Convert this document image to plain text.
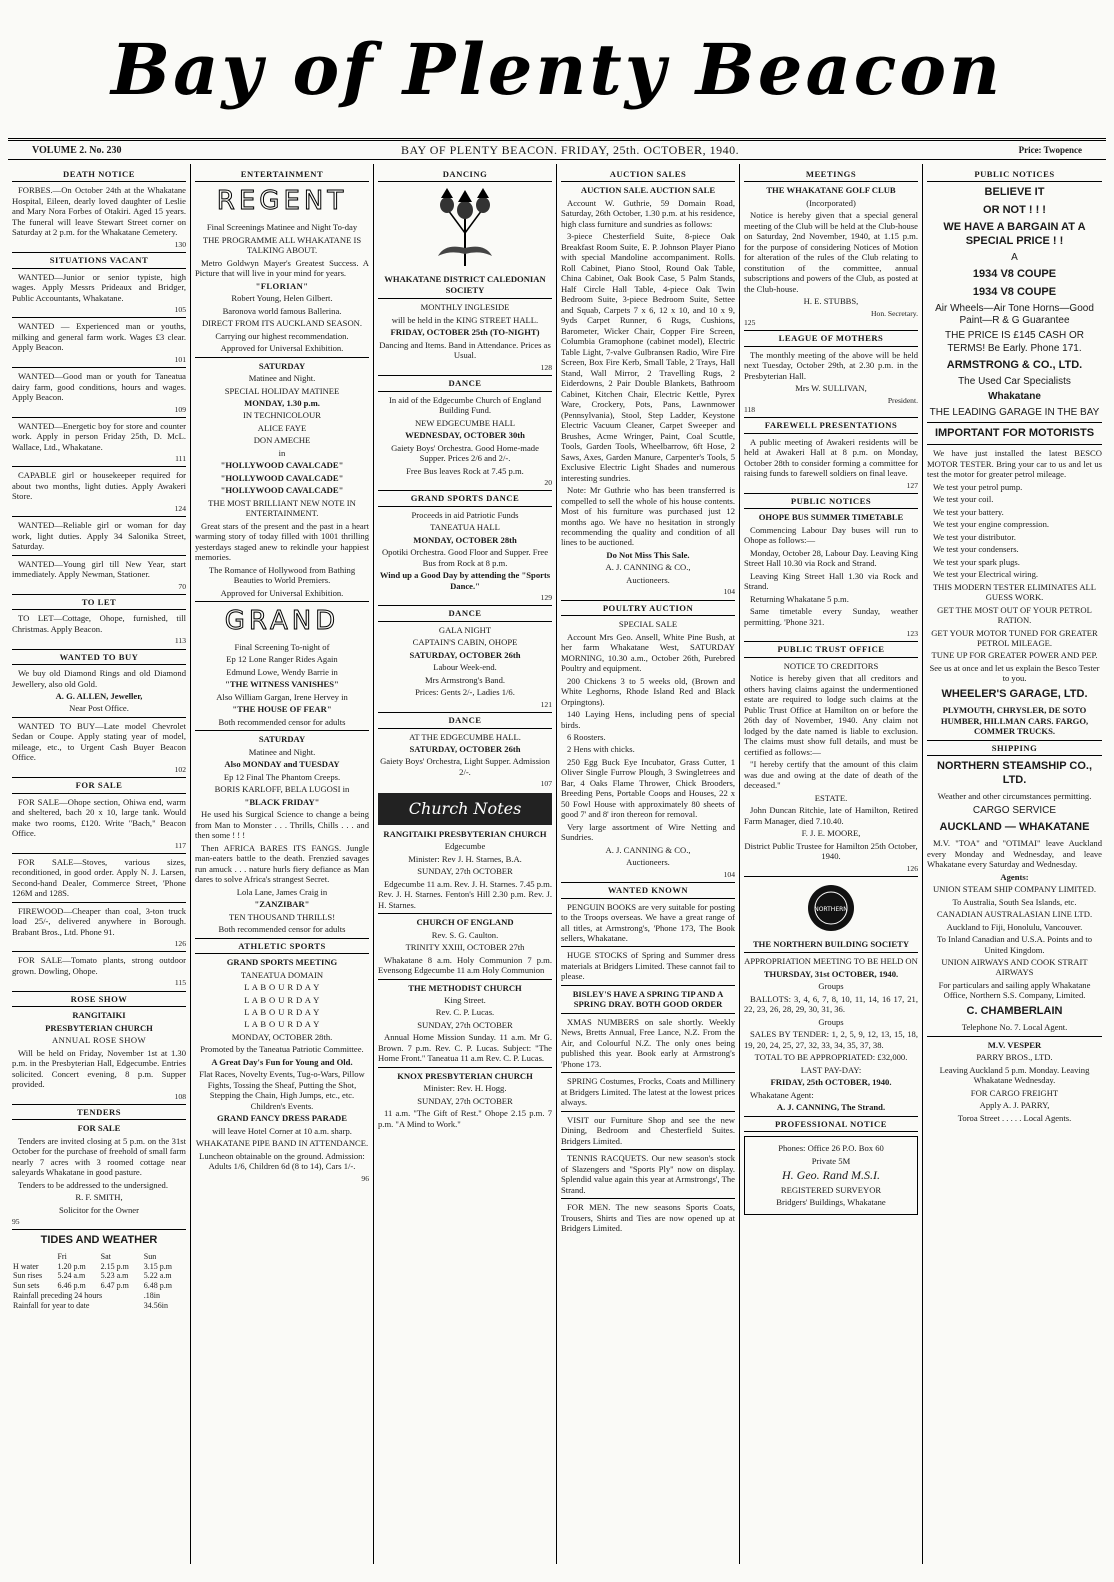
Bay of Plenty Beacon
VOLUME 2. No. 230	BAY OF PLENTY BEACON. FRIDAY, 25th. OCTOBER, 1940.	Price: Twopence
DEATH NOTICE

FORBES.—On October 24th at the Whakatane Hospital, Eileen, dearly loved daughter of Leslie and Mary Nora Forbes of Otakiri. Aged 15 years. The funeral will leave Stewart Street corner on Saturday at 2 p.m. for the Whakatane Cemetery.

130

SITUATIONS VACANT

WANTED—Junior or senior typiste, high wages. Apply Messrs Prideaux and Bridger, Public Accountants, Whakatane.

105

WANTED — Experienced man or youths, milking and general farm work. Wages £3 clear. Apply Beacon.

101

WANTED—Good man or youth for Taneatua dairy farm, good conditions, hours and wages. Apply Beacon.

109

WANTED—Energetic boy for store and counter work. Apply in person Friday 25th, D. McL. Wallace, Ltd., Whakatane.

111

CAPABLE girl or housekeeper required for about two months, light duties. Apply Awakeri Store.

124

WANTED—Reliable girl or woman for day work, light duties. Apply 34 Salonika Street, Saturday.

WANTED—Young girl till New Year, start immediately. Apply Newman, Stationer.

70

TO LET

TO LET—Cottage, Ohope, furnished, till Christmas. Apply Beacon.

113

WANTED TO BUY

We buy old Diamond Rings and old Diamond Jewellery, also old Gold.

A. G. ALLEN, Jeweller,

Near Post Office.

WANTED TO BUY—Late model Chevrolet Sedan or Coupe. Apply stating year of model, mileage, etc., to Urgent Cash Buyer Beacon Office.

102

FOR SALE

FOR SALE—Ohope section, Ohiwa end, warm and sheltered, bach 20 x 10, large tank. Would make two rooms, £120. Write "Bach," Beacon Office.

117

FOR SALE—Stoves, various sizes, reconditioned, in good order. Apply N. J. Larsen, Second-hand Dealer, Commerce Street, 'Phone 126M and 128S.

FIREWOOD—Cheaper than coal, 3-ton truck load 25/-, delivered anywhere in Borough. Brabant Bros., Ltd. Phone 91.

126

FOR SALE—Tomato plants, strong outdoor grown. Dowling, Ohope.

115

ROSE SHOW

RANGITAIKI

PRESBYTERIAN CHURCH

ANNUAL ROSE SHOW

Will be held on Friday, November 1st at 1.30 p.m. in the Presbyterian Hall, Edgecumbe. Entries solicited. Concert evening, 8 p.m. Supper provided.

108

TENDERS

FOR SALE

Tenders are invited closing at 5 p.m. on the 31st October for the purchase of freehold of small farm nearly 7 acres with 3 roomed cottage near saleyards Whakatane in good pasture.

Tenders to be addressed to the undersigned.

R. F. SMITH,

Solicitor for the Owner

95

TIDES AND WEATHER
	Fri	Sat	Sun
H water	1.20 p.m	2.15 p.m	3.15 p.m
Sun rises	5.24 a.m	5.23 a.m	5.22 a.m
Sun sets	6.46 p.m	6.47 p.m	6.48 p.m
Rainfall preceding 24 hours			.18in
Rainfall for year to date			34.56in
ENTERTAINMENT
REGENT

Final Screenings Matinee and Night To-day

THE PROGRAMME ALL WHAKATANE IS TALKING ABOUT.

Metro Goldwyn Mayer's Greatest Success. A Picture that will live in your mind for years.

"FLORIAN"

Robert Young, Helen Gilbert.

Baronova world famous Ballerina.

DIRECT FROM ITS AUCKLAND SEASON.

Carrying our highest recommendation.

Approved for Universal Exhibition.

SATURDAY

Matinee and Night.

SPECIAL HOLIDAY MATINEE

MONDAY, 1.30 p.m.

IN TECHNICOLOUR

ALICE FAYE

DON AMECHE

in

"HOLLYWOOD CAVALCADE"

"HOLLYWOOD CAVALCADE"

"HOLLYWOOD CAVALCADE"

THE MOST BRILLIANT NEW NOTE IN ENTERTAINMENT.

Great stars of the present and the past in a heart warming story of today filled with 1001 thrilling yesterdays staged anew to rekindle your happiest memories.

The Romance of Hollywood from Bathing Beauties to World Premiers.

Approved for Universal Exhibition.

GRAND

Final Screening To-night of

Ep 12 Lone Ranger Rides Again

Edmund Lowe, Wendy Barrie in

"THE WITNESS VANISHES"

Also William Gargan, Irene Hervey in

"THE HOUSE OF FEAR"

Both recommended censor for adults

SATURDAY

Matinee and Night.

Also MONDAY and TUESDAY

Ep 12 Final The Phantom Creeps.

BORIS KARLOFF, BELA LUGOSI in

"BLACK FRIDAY"

He used his Surgical Science to change a being from Man to Monster . . . Thrills, Chills . . . and then some ! ! !

Then AFRICA BARES ITS FANGS. Jungle man-eaters battle to the death. Frenzied savages run amuck . . . nature hurls fiery defiance as Man dares to solve Africa's strangest Secret.

Lola Lane, James Craig in

"ZANZIBAR"

TEN THOUSAND THRILLS!

Both recommended censor for adults

ATHLETIC SPORTS

GRAND SPORTS MEETING

TANEATUA DOMAIN

L A B O U R D A Y

L A B O U R D A Y

L A B O U R D A Y

L A B O U R D A Y

MONDAY, OCTOBER 28th.

Promoted by the Taneatua Patriotic Committee.

A Great Day's Fun for Young and Old.

Flat Races, Novelty Events, Tug-o-Wars, Pillow Fights, Tossing the Sheaf, Putting the Shot, Stepping the Chain, High Jumps, etc., etc. Children's Events.

GRAND FANCY DRESS PARADE

will leave Hotel Corner at 10 a.m. sharp.

WHAKATANE PIPE BAND IN ATTENDANCE.

Luncheon obtainable on the ground. Admission: Adults 1/6, Children 6d (8 to 14), Cars 1/-.

96

DANCING

WHAKATANE DISTRICT CALEDONIAN SOCIETY

MONTHLY INGLESIDE

will be held in the KING STREET HALL.

FRIDAY, OCTOBER 25th (TO-NIGHT)

Dancing and Items. Band in Attendance. Prices as Usual.

128

DANCE

In aid of the Edgecumbe Church of England Building Fund.

NEW EDGECUMBE HALL

WEDNESDAY, OCTOBER 30th

Gaiety Boys' Orchestra. Good Home-made Supper. Prices 2/6 and 2/-.

Free Bus leaves Rock at 7.45 p.m.

20

GRAND SPORTS DANCE

Proceeds in aid Patriotic Funds

TANEATUA HALL

MONDAY, OCTOBER 28th

Opotiki Orchestra. Good Floor and Supper. Free Bus from Rock at 8 p.m.

Wind up a Good Day by attending the "Sports Dance."

129

DANCE

GALA NIGHT

CAPTAIN'S CABIN, OHOPE

SATURDAY, OCTOBER 26th

Labour Week-end.

Mrs Armstrong's Band.

Prices: Gents 2/-, Ladies 1/6.

121

DANCE

AT THE EDGECUMBE HALL.

SATURDAY, OCTOBER 26th

Gaiety Boys' Orchestra, Light Supper. Admission 2/-.

107

Church Notes

RANGITAIKI PRESBYTERIAN CHURCH

Edgecumbe

Minister: Rev J. H. Starnes, B.A.

SUNDAY, 27th OCTOBER

Edgecumbe 11 a.m. Rev. J. H. Starnes. 7.45 p.m. Rev. J. H. Starnes. Fenton's Hill 2.30 p.m. Rev. J. H. Starnes.

CHURCH OF ENGLAND

Rev. S. G. Caulton.

TRINITY XXIII, OCTOBER 27th

Whakatane 8 a.m. Holy Communion 7 p.m. Evensong Edgecumbe 11 a.m Holy Communion

THE METHODIST CHURCH

King Street.

Rev. C. P. Lucas.

SUNDAY, 27th OCTOBER

Annual Home Mission Sunday. 11 a.m. Mr G. Brown. 7 p.m. Rev. C. P. Lucas. Subject: "The Home Front." Taneatua 11 a.m Rev. C. P. Lucas.

KNOX PRESBYTERIAN CHURCH

Minister: Rev. H. Hogg.

SUNDAY, 27th OCTOBER

11 a.m. "The Gift of Rest." Ohope 2.15 p.m. 7 p.m. "A Mind to Work."

AUCTION SALES

AUCTION SALE. AUCTION SALE

Account W. Guthrie, 59 Domain Road, Saturday, 26th October, 1.30 p.m. at his residence, high class furniture and sundries as follows:

3-piece Chesterfield Suite, 8-piece Oak Breakfast Room Suite, E. P. Johnson Player Piano with special Mandoline accompaniment. Rolls. Roll Cabinet, Piano Stool, Round Oak Table, China Cabinet, Oak Book Case, 5 Palm Stands, Half Circle Hall Table, 4-piece Oak Twin Bedroom Suite, 3-piece Bedroom Suite, Settee and Squab, Carpets 7 x 6, 12 x 10, and 10 x 9, 9yds Carpet Runner, 6 Rugs, Cushions, Barometer, Wicker Chair, Copper Fire Screen, Columbia Gramophone (cabinet model), Electric Table Light, 7-valve Gulbransen Radio, Wire Fire Screen, Box Fire Kerb, Small Table, 2 Trays, Hall Stand, Wall Mirror, 2 Travelling Rugs, 2 Eiderdowns, 2 Pair Double Blankets, Bathroom Cabinet, Kitchen Chair, Electric Kettle, Pyrex Ware, Crockery, Pots, Pans, Lawnmower (Pennsylvania), Stool, Step Ladder, Keystone Electric Vacuum Cleaner, Carpet Sweeper and Brushes, Acme Wringer, Paint, Coal Scuttle, Tools, Garden Tools, Wheelbarrow, 6ft Hose, 2 Saws, Axes, Garden Manure, Carpenter's Tools, 5 Exclusive Electric Light Shades and numerous interesting sundries.

Note: Mr Guthrie who has been transferred is compelled to sell the whole of his house contents. Most of his furniture was purchased just 12 months ago. We have no hesitation in strongly recommending the quality and condition of all lines to be auctioned.

Do Not Miss This Sale.

A. J. CANNING & CO.,

Auctioneers.

104

POULTRY AUCTION

SPECIAL SALE

Account Mrs Geo. Ansell, White Pine Bush, at her farm Whakatane West, SATURDAY MORNING, 10.30 a.m., October 26th, Purebred Poultry and equipment.

200 Chickens 3 to 5 weeks old, (Brown and White Leghorns, Rhode Island Red and Black Orpingtons).

140 Laying Hens, including pens of special birds.

6 Roosters.

2 Hens with chicks.

250 Egg Buck Eye Incubator, Grass Cutter, 1 Oliver Single Furrow Plough, 3 Swingletrees and Bar, 4 Oaks Flame Thrower, Chick Brooders, Breeding Pens, Portable Coops and Houses, 22 x 50 Fowl House with approximately 80 sheets of good 7' and 8' iron thereon for removal.

Very large assortment of Wire Netting and Sundries.

A. J. CANNING & CO.,

Auctioneers.

104

WANTED KNOWN

PENGUIN BOOKS are very suitable for posting to the Troops overseas. We have a great range of all titles, at Armstrong's, 'Phone 173, The Book sellers, Whakatane.

HUGE STOCKS of Spring and Summer dress materials at Bridgers Limited. These cannot fail to please.

BISLEY'S HAVE A SPRING TIP AND A SPRING DRAY. BOTH GOOD ORDER

XMAS NUMBERS on sale shortly. Weekly News, Bretts Annual, Free Lance, N.Z. From the Air, and Colourful N.Z. The only ones being published this year. Book early at Armstrong's 'Phone 173.

SPRING Costumes, Frocks, Coats and Millinery at Bridgers Limited. The latest at the lowest prices always.

VISIT our Furniture Shop and see the new Dining, Bedroom and Chesterfield Suites. Bridgers Limited.

TENNIS RACQUETS. Our new season's stock of Slazengers and "Sports Ply" now on display. Splendid value again this year at Armstrongs', The Strand.

FOR MEN. The new seasons Sports Coats, Trousers, Shirts and Ties are now opened up at Bridgers Limited.

MEETINGS

THE WHAKATANE GOLF CLUB

(Incorporated)

Notice is hereby given that a special general meeting of the Club will be held at the Club-house on Saturday, 2nd November, 1940, at 1.15 p.m. for the purpose of considering Notices of Motion for alteration of the rules of the Club relating to constitution of the committee, annual subscriptions and powers of the Club, as posted at the Club-house.

H. E. STUBBS,

Hon. Secretary.

125

LEAGUE OF MOTHERS

The monthly meeting of the above will be held next Tuesday, October 29th, at 2.30 p.m. in the Presbyterian Hall.

Mrs W. SULLIVAN,

President.

118

FAREWELL PRESENTATIONS

A public meeting of Awakeri residents will be held at Awakeri Hall at 8 p.m. on Monday, October 28th to consider forming a committee for raising funds to farewell soldiers on final leave.

127

PUBLIC NOTICES

OHOPE BUS SUMMER TIMETABLE

Commencing Labour Day buses will run to Ohope as follows:—

Monday, October 28, Labour Day. Leaving King Street Hall 10.30 via Rock and Strand.

Leaving King Street Hall 1.30 via Rock and Strand.

Returning Whakatane 5 p.m.

Same timetable every Sunday, weather permitting. 'Phone 321.

123

PUBLIC TRUST OFFICE

NOTICE TO CREDITORS

Notice is hereby given that all creditors and others having claims against the undermentioned estate are required to lodge such claims at the Public Trust Office at Hamilton on or before the 26th day of November, 1940. Any claim not lodged by the date named is liable to exclusion. The claims must show full details, and must be certified as follows:—

"I hereby certify that the amount of this claim was due and owing at the date of death of the deceased."

ESTATE.

John Duncan Ritchie, late of Hamilton, Retired Farm Manager, died 7.10.40.

F. J. E. MOORE,

District Public Trustee for Hamilton 25th October, 1940.

126

NORTHERN

THE NORTHERN BUILDING SOCIETY

APPROPRIATION MEETING TO BE HELD ON

THURSDAY, 31st OCTOBER, 1940.

Groups

BALLOTS: 3, 4, 6, 7, 8, 10, 11, 14, 16 17, 21, 22, 23, 26, 28, 29, 30, 31, 36.

Groups

SALES BY TENDER: 1, 2, 5, 9, 12, 13, 15, 18, 19, 20, 24, 25, 27, 32, 33, 34, 35, 37, 38.

TOTAL TO BE APPROPRIATED: £32,000.

LAST PAY-DAY:

FRIDAY, 25th OCTOBER, 1940.

Whakatane Agent:

A. J. CANNING, The Strand.

PROFESSIONAL NOTICE

Phones: Office 26 P.O. Box 60

Private 5M

H. Geo. Rand M.S.I.

REGISTERED SURVEYOR

Bridgers' Buildings, Whakatane

PUBLIC NOTICES
BELIEVE IT
OR NOT ! ! !
WE HAVE A BARGAIN AT A SPECIAL PRICE ! !
A
1934 V8 COUPE
1934 V8 COUPE
Air Wheels—Air Tone Horns—Good Paint—R & G Guarantee
THE PRICE IS £145 CASH OR TERMS! Be Early. Phone 171.
ARMSTRONG & CO., LTD.
The Used Car Specialists
Whakatane
THE LEADING GARAGE IN THE BAY
IMPORTANT FOR MOTORISTS

We have just installed the latest BESCO MOTOR TESTER. Bring your car to us and let us test the motor for greater petrol mileage.

We test your petrol pump.

We test your coil.

We test your battery.

We test your engine compression.

We test your distributor.

We test your condensers.

We test your spark plugs.

We test your Electrical wiring.

THIS MODERN TESTER ELIMINATES ALL GUESS WORK.

GET THE MOST OUT OF YOUR PETROL RATION.

GET YOUR MOTOR TUNED FOR GREATER PETROL MILEAGE.

TUNE UP FOR GREATER POWER AND PEP.

See us at once and let us explain the Besco Tester to you.

WHEELER'S GARAGE, LTD.

PLYMOUTH, CHRYSLER, DE SOTO HUMBER, HILLMAN CARS. FARGO, COMMER TRUCKS.

SHIPPING
NORTHERN STEAMSHIP CO., LTD.

Weather and other circumstances permitting.

CARGO SERVICE
AUCKLAND — WHAKATANE

M.V. "TOA" and "OTIMAI" leave Auckland every Monday and Wednesday, and leave Whakatane every Saturday and Wednesday.

Agents:

UNION STEAM SHIP COMPANY LIMITED.

To Australia, South Sea Islands, etc.

CANADIAN AUSTRALASIAN LINE LTD.

Auckland to Fiji, Honolulu, Vancouver.

To Inland Canadian and U.S.A. Points and to United Kingdom.

UNION AIRWAYS AND COOK STRAIT AIRWAYS

For particulars and sailing apply Whakatane Office, Northern S.S. Company, Limited.

C. CHAMBERLAIN

Telephone No. 7. Local Agent.

M.V. VESPER

PARRY BROS., LTD.

Leaving Auckland 5 p.m. Monday. Leaving Whakatane Wednesday.

FOR CARGO FREIGHT

Apply A. J. PARRY,

Toroa Street . . . . . Local Agents.
